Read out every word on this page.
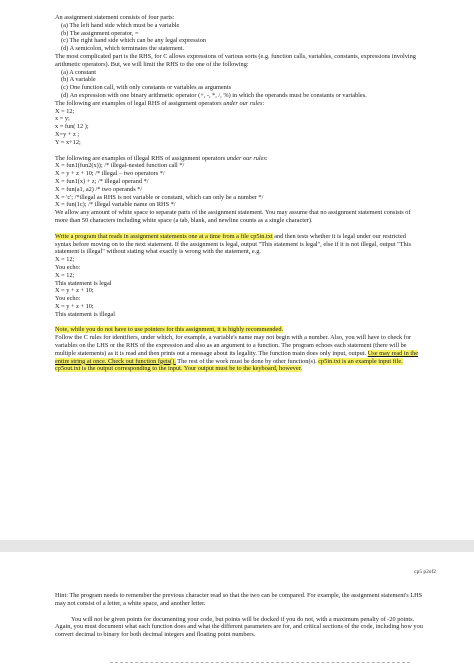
An assignment statement consists of four parts:

(a) The left hand side which must be a variable

(b) The assignment operator, =

(c) The right hand side which can be any legal expression

(d) A semicolon, which terminates the statement.

The most complicated part is the RHS, for C allows expressions of various sorts (e.g. function calls, variables, constants, expressions involving arithmetic operators). But, we will limit the RHS to the one of the following:

(a) A constant

(b) A variable

(c) One function call, with only constants or variables as arguments

(d) An expression with one binary arithmetic operator (+, -, *, /, %) in which the operands must be constants or variables.

The following are examples of legal RHS of assignment operators under our rules:

X = 12;

x = y;

x = fun( 12 );

X=y + z ;

Y = x+12;

The following are examples of illegal RHS of assignment operators under our rules:

X = fun1(fun2(x)); /* illegal-nested function call */

X = y + z + 10; /* illegal – two operators */

X = fun1(x) + z; /* illegal operand */

X = fun(a1, a2) /* two operands */

X = 'c'; /*illegal as RHS is not variable or constant, which can only be a number */

X = fun(1c); /* illegal variable name on RHS */

We allow any amount of white space to separate parts of the assignment statement. You may assume that no assignment statement consists of more than 50 characters including white space (a tab, blank, and newline counts as a single character).

Write a program that reads in assignment statements one at a time from a file cp5in.txt and then tests whether it is legal under our restricted syntax before moving on to the next statement. If the assignment is legal, output "This statement is legal", else if it is not illegal, output "This statement is illegal" without stating what exactly is wrong with the statement, e.g.

X = 12;

You echo:

X = 12;

This statement is legal

X = y + z + 10;

You echo:

X = y + z + 10;

This statement is illegal

Note, while you do not have to use pointers for this assignment, it is highly recommended.

Follow the C rules for identifiers, under which, for example, a variable's name may not begin with a number. Also, you will have to check for variables on the LHS or the RHS of the expression and also as an argument to a function. The program echoes each statement (there will be multiple statements) as it is read and then prints out a message about its legality. The function main does only input, output. Use may read in the entire string at once. Check out function fgets(). The rest of the work must be done by other function(s). cp5in.txt is an example input file. cp5out.txt is the output corresponding to the input. Your output must be to the keyboard, however.

cp5 p2of2

Hint: The program needs to remember the previous character read so that the two can be compared. For example, the assignment statement's LHS may not consist of a letter, a white space, and another letter.

You will not be given points for documenting your code, but points will be docked if you do not, with a maximum penalty of -20 points. Again, you must document what each function does and what the different parameters are for, and critical sections of the code, including how you convert decimal to binary for both decimal integers and floating point numbers.
